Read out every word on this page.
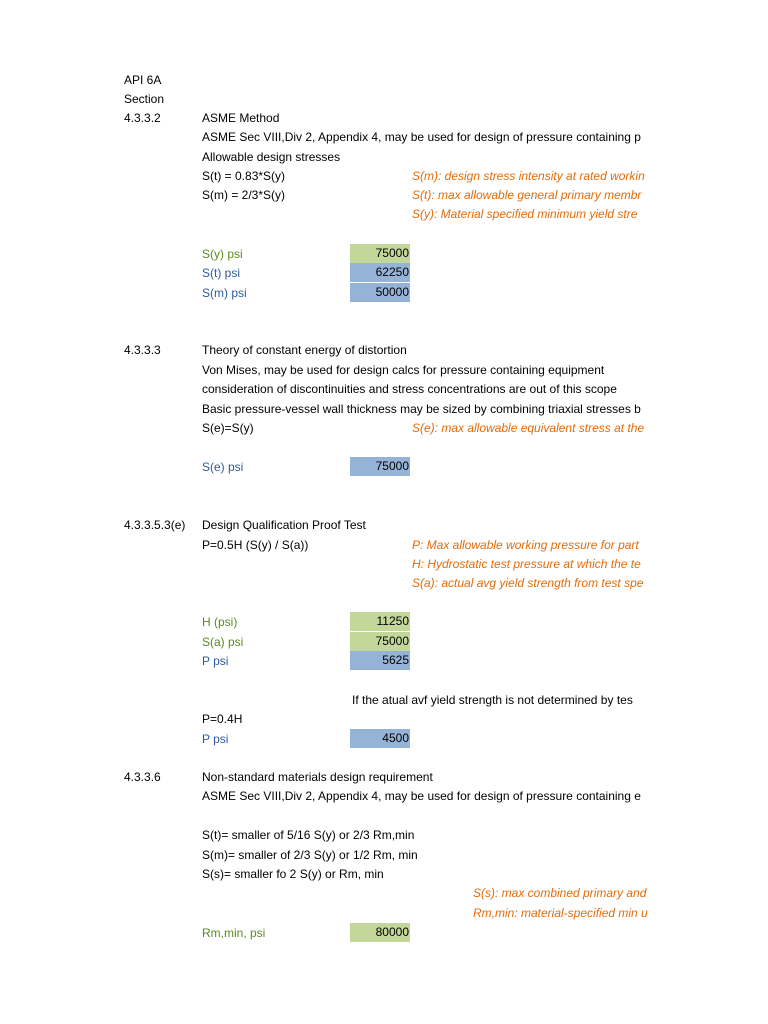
API 6A
Section
4.3.3.2	ASME Method
ASME Sec VIII,Div 2, Appendix 4, may be used for design of pressure containing p
Allowable design stresses
S(t) = 0.83*S(y)
S(m) = 2/3*S(y)
S(m): design stress intensity at rated workin
S(t): max allowable general primary membr
S(y): Material specified minimum yield stre
S(y) psi	75000
S(t) psi	62250
S(m) psi	50000
4.3.3.3	Theory of constant energy of distortion
Von Mises, may be used for design calcs for pressure containing equipment
consideration of discontinuities and stress concentrations are out of this scope
Basic pressure-vessel wall thickness may be sized by combining triaxial stresses b
S(e)=S(y)	S(e): max allowable equivalent stress at the
S(e) psi	75000
4.3.3.5.3(e) Design Qualification Proof Test
P=0.5H (S(y) / S(a))	P: Max allowable working pressure for part
H: Hydrostatic test pressure at which the te
S(a): actual avg yield strength from test spe
H (psi)	11250
S(a) psi	75000
P psi	5625
If the atual avf yield strength is not determined by tes
P=0.4H
P psi	4500
4.3.3.6	Non-standard materials design requirement
ASME Sec VIII,Div 2, Appendix 4, may be used for design of pressure containing e
S(t)= smaller of 5/16 S(y) or 2/3 Rm,min
S(m)= smaller of 2/3 S(y) or 1/2 Rm, min
S(s)= smaller fo 2 S(y) or Rm, min
S(s): max combined primary and
Rm,min: material-specified min u
Rm,min, psi	80000
